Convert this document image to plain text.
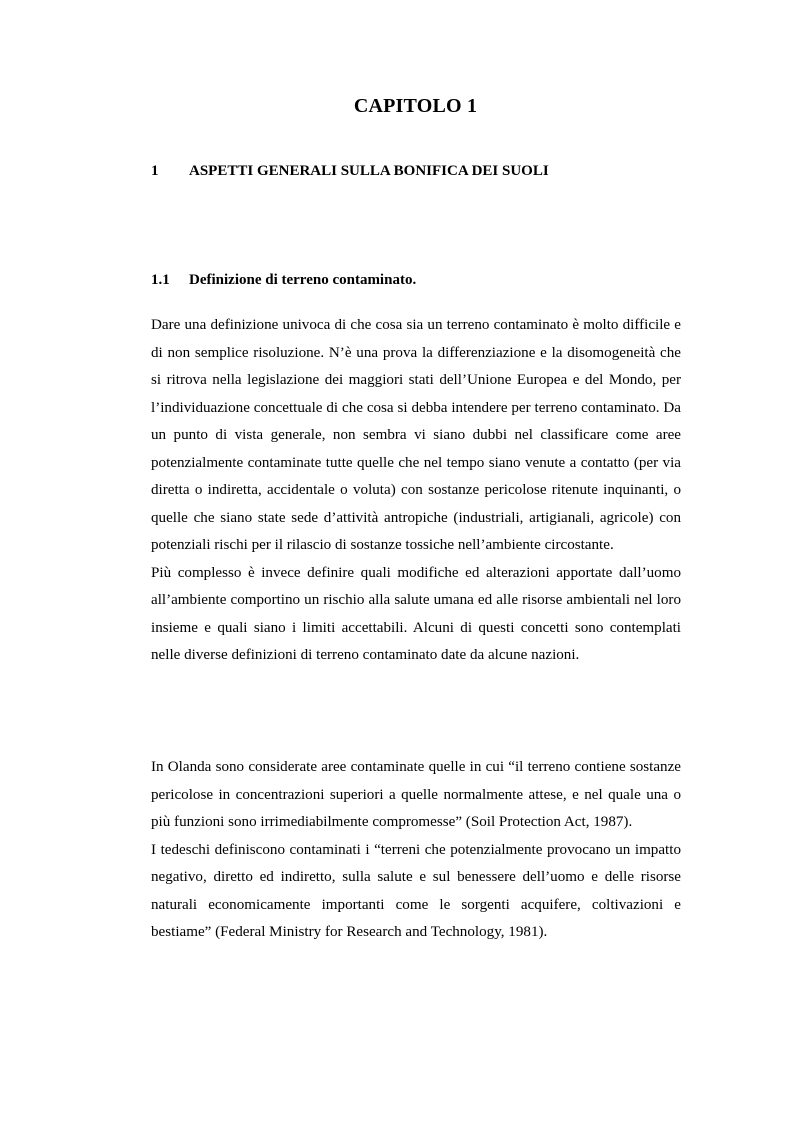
CAPITOLO 1
1 ASPETTI GENERALI SULLA BONIFICA DEI SUOLI
1.1 Definizione di terreno contaminato.

Dare una definizione univoca di che cosa sia un terreno contaminato è molto difficile e di non semplice risoluzione. N’è una prova la differenziazione e la disomogeneità che si ritrova nella legislazione dei maggiori stati dell’Unione Europea e del Mondo, per l’individuazione concettuale di che cosa si debba intendere per terreno contaminato. Da un punto di vista generale, non sembra vi siano dubbi nel classificare come aree potenzialmente contaminate tutte quelle che nel tempo siano venute a contatto (per via diretta o indiretta, accidentale o voluta) con sostanze pericolose ritenute inquinanti, o quelle che siano state sede d’attività antropiche (industriali, artigianali, agricole) con potenziali rischi per il rilascio di sostanze tossiche nell’ambiente circostante.

Più complesso è invece definire quali modifiche ed alterazioni apportate dall’uomo all’ambiente comportino un rischio alla salute umana ed alle risorse ambientali nel loro insieme e quali siano i limiti accettabili. Alcuni di questi concetti sono contemplati nelle diverse definizioni di terreno contaminato date da alcune nazioni.

In Olanda sono considerate aree contaminate quelle in cui “il terreno contiene sostanze pericolose in concentrazioni superiori a quelle normalmente attese, e nel quale una o più funzioni sono irrimediabilmente compromesse” (Soil Protection Act, 1987).

I tedeschi definiscono contaminati i “terreni che potenzialmente provocano un impatto negativo, diretto ed indiretto, sulla salute e sul benessere dell’uomo e delle risorse naturali economicamente importanti come le sorgenti acquifere, coltivazioni e bestiame” (Federal Ministry for Research and Technology, 1981).
